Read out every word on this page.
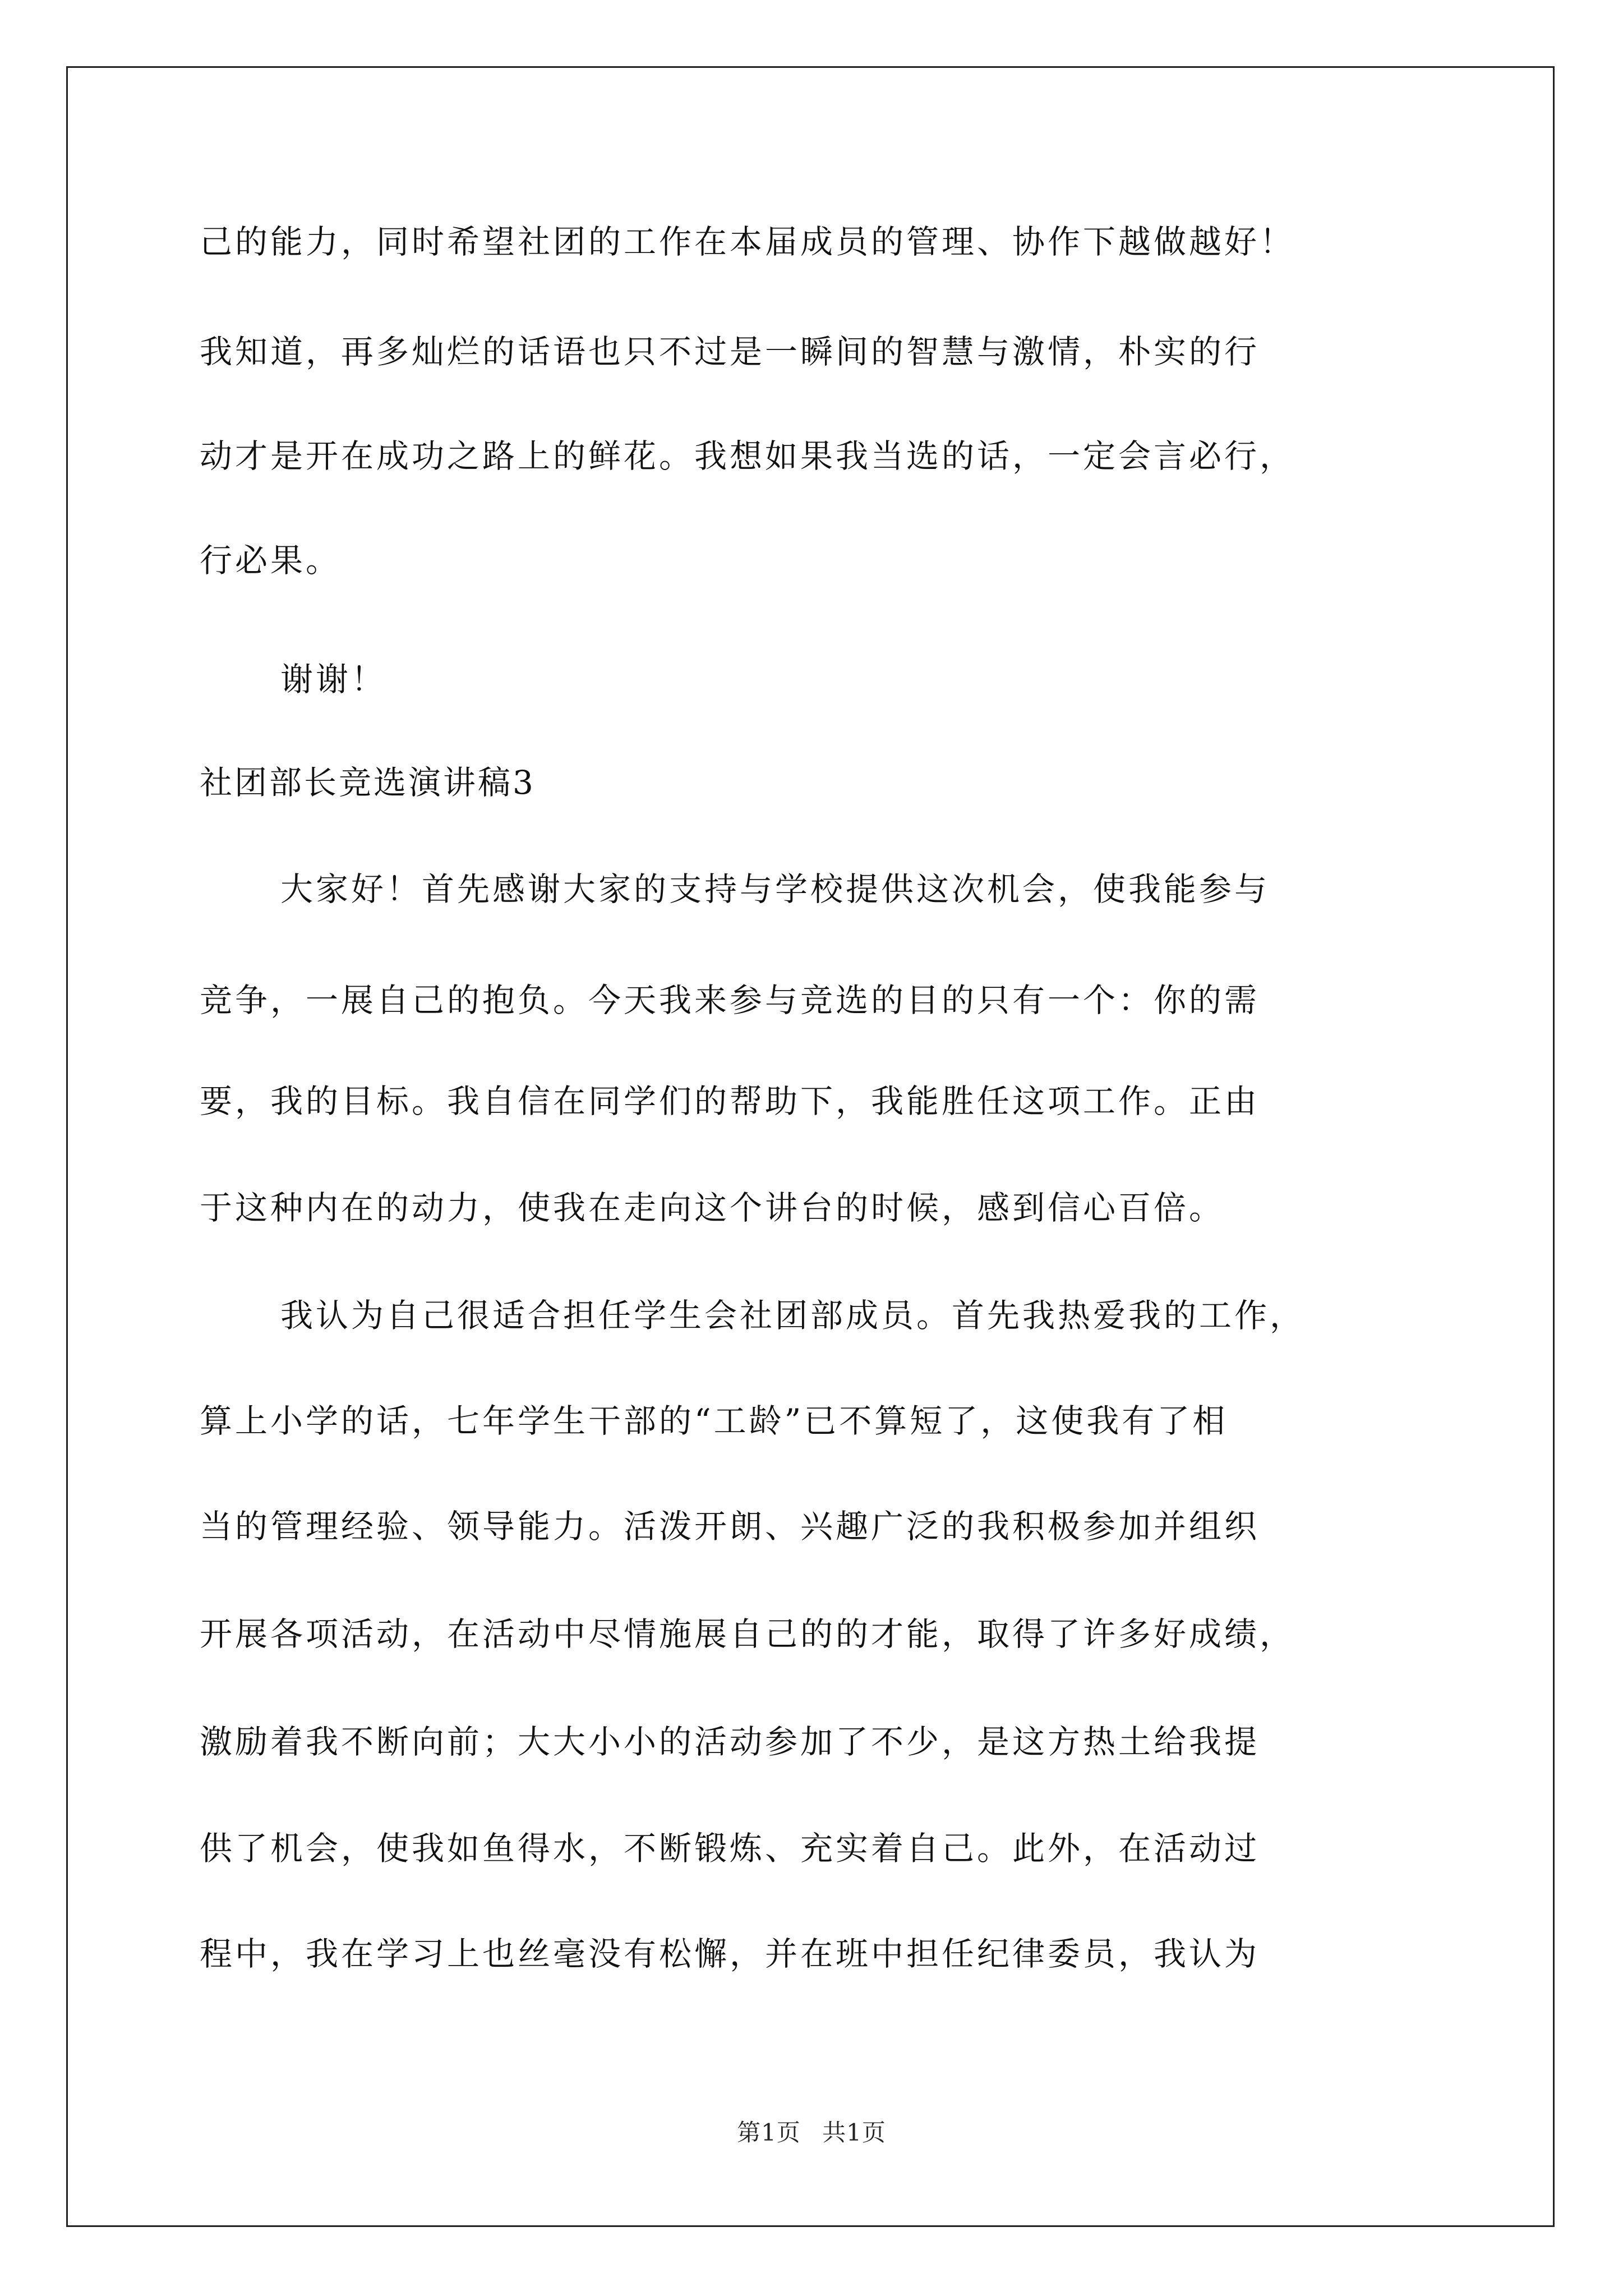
己的能力，同时希望社团的工作在本届成员的管理、协作下越做越好！
我知道，再多灿烂的话语也只不过是一瞬间的智慧与激情，朴实的行
动才是开在成功之路上的鲜花。我想如果我当选的话，一定会言必行，
行必果。
谢谢！
社团部长竞选演讲稿3
大家好！首先感谢大家的支持与学校提供这次机会，使我能参与
竞争，一展自己的抱负。今天我来参与竞选的目的只有一个：你的需
要，我的目标。我自信在同学们的帮助下，我能胜任这项工作。正由
于这种内在的动力，使我在走向这个讲台的时候，感到信心百倍。
我认为自己很适合担任学生会社团部成员。首先我热爱我的工作，
算上小学的话，七年学生干部的“工龄”已不算短了，这使我有了相
当的管理经验、领导能力。活泼开朗、兴趣广泛的我积极参加并组织
开展各项活动，在活动中尽情施展自己的的才能，取得了许多好成绩，
激励着我不断向前；大大小小的活动参加了不少，是这方热土给我提
供了机会，使我如鱼得水，不断锻炼、充实着自己。此外，在活动过
程中，我在学习上也丝毫没有松懈，并在班中担任纪律委员，我认为
第1页 共1页
